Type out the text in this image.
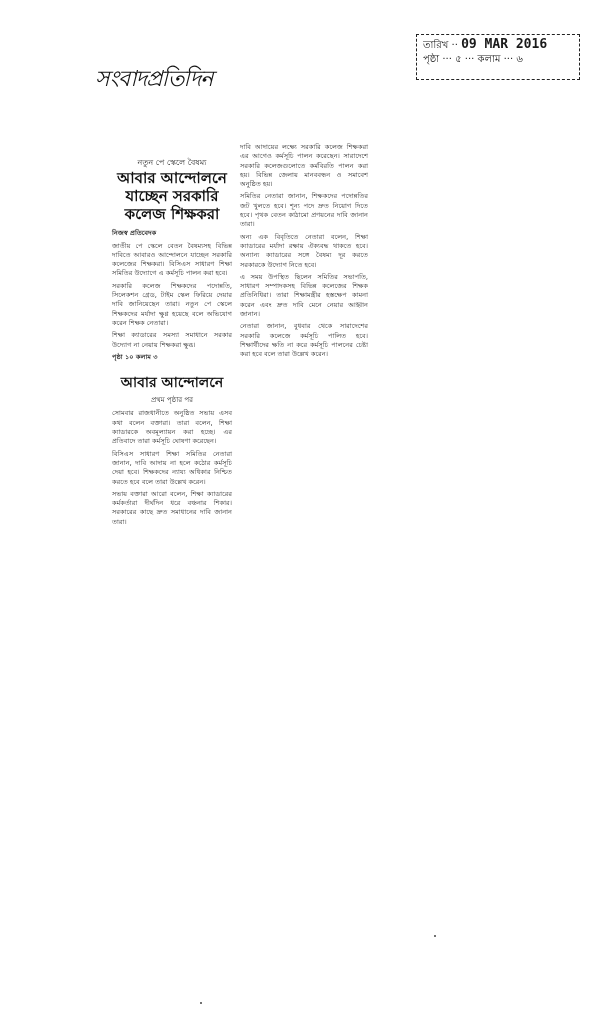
তারিখ ·· 09 MAR 2016
পৃষ্ঠা ··· ৫ ··· কলাম ··· ৬
সংবাদপ্রতিদিন
নতুন পে স্কেলে বৈষম্য
আবার আন্দোলনে যাচ্ছেন সরকারি কলেজ শিক্ষকরা

নিজস্ব প্রতিবেদক

জাতীয় পে স্কেলে বেতন বৈষম্যসহ বিভিন্ন দাবিতে আবারও আন্দোলনে যাচ্ছেন সরকারি কলেজের শিক্ষকরা। বিসিএস সাধারণ শিক্ষা সমিতির উদ্যোগে এ কর্মসূচি পালন করা হবে।

সরকারি কলেজ শিক্ষকদের পদোন্নতি, সিলেকশন গ্রেড, টাইম স্কেল ফিরিয়ে দেয়ার দাবি জানিয়েছেন তারা। নতুন পে স্কেলে শিক্ষকদের মর্যাদা ক্ষুণ্ণ হয়েছে বলে অভিযোগ করেন শিক্ষক নেতারা।

শিক্ষা ক্যাডারের সমস্যা সমাধানে সরকার উদ্যোগ না নেয়ায় শিক্ষকরা ক্ষুব্ধ।

পৃষ্ঠা ১০ কলাম ৩

আবার আন্দোলনে
প্রথম পৃষ্ঠার পর

সোমবার রাজধানীতে অনুষ্ঠিত সভায় এসব কথা বলেন বক্তারা। তারা বলেন, শিক্ষা ক্যাডারকে অবমূল্যায়ন করা হচ্ছে। এর প্রতিবাদে তারা কর্মসূচি ঘোষণা করেছেন।

বিসিএস সাধারণ শিক্ষা সমিতির নেতারা জানান, দাবি আদায় না হলে কঠোর কর্মসূচি দেয়া হবে। শিক্ষকদের ন্যায্য অধিকার নিশ্চিত করতে হবে বলে তারা উল্লেখ করেন।

সভায় বক্তারা আরো বলেন, শিক্ষা ক্যাডারের কর্মকর্তারা দীর্ঘদিন ধরে বঞ্চনার শিকার। সরকারের কাছে দ্রুত সমাধানের দাবি জানান তারা।

দাবি আদায়ের লক্ষ্যে সরকারি কলেজ শিক্ষকরা এর আগেও কর্মসূচি পালন করেছেন। সারাদেশে সরকারি কলেজগুলোতে কর্মবিরতি পালন করা হয়। বিভিন্ন জেলায় মানববন্ধন ও সমাবেশ অনুষ্ঠিত হয়।

সমিতির নেতারা জানান, শিক্ষকদের পদোন্নতির জট খুলতে হবে। শূন্য পদে দ্রুত নিয়োগ দিতে হবে। পৃথক বেতন কাঠামো প্রণয়নের দাবি জানান তারা।

অন্য এক বিবৃতিতে নেতারা বলেন, শিক্ষা ক্যাডারের মর্যাদা রক্ষায় ঐক্যবদ্ধ থাকতে হবে। অন্যান্য ক্যাডারের সঙ্গে বৈষম্য দূর করতে সরকারকে উদ্যোগ নিতে হবে।

এ সময় উপস্থিত ছিলেন সমিতির সভাপতি, সাধারণ সম্পাদকসহ বিভিন্ন কলেজের শিক্ষক প্রতিনিধিরা। তারা শিক্ষামন্ত্রীর হস্তক্ষেপ কামনা করেন এবং দ্রুত দাবি মেনে নেয়ার আহ্বান জানান।

নেতারা জানান, বুধবার থেকে সারাদেশের সরকারি কলেজে কর্মসূচি পালিত হবে। শিক্ষার্থীদের ক্ষতি না করে কর্মসূচি পালনের চেষ্টা করা হবে বলে তারা উল্লেখ করেন।
